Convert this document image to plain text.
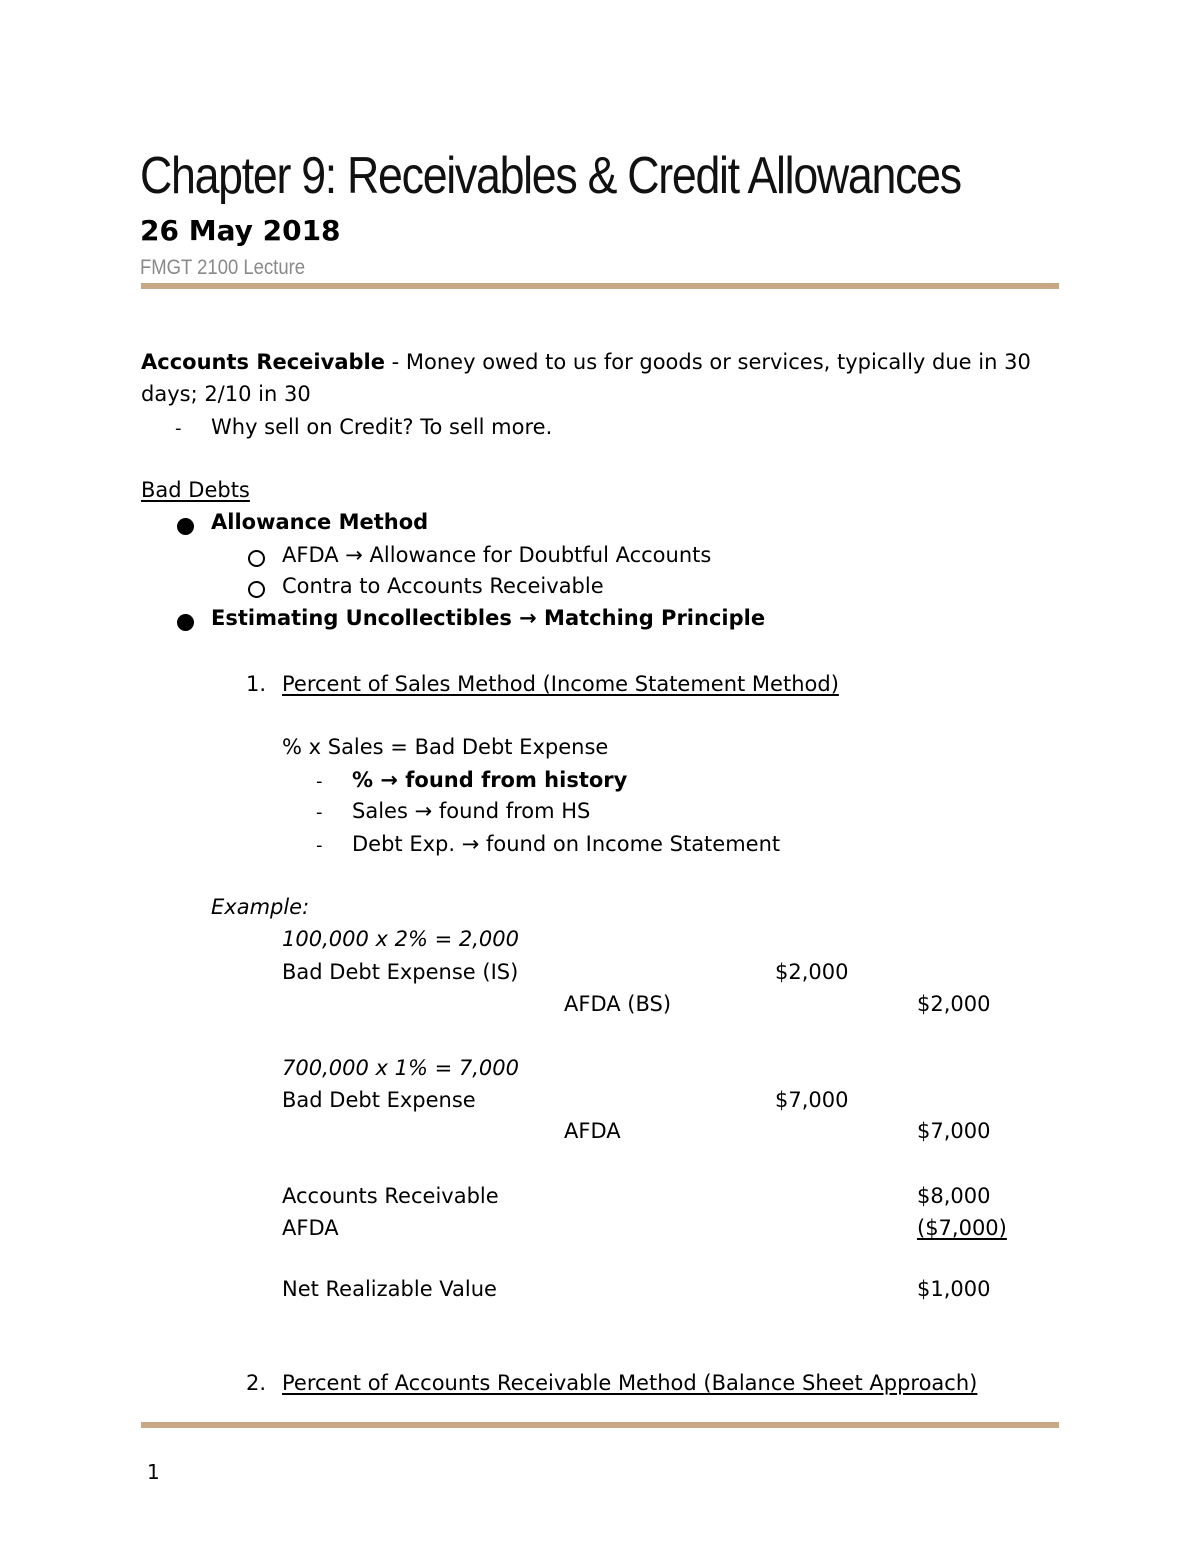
Chapter 9: Receivables & Credit Allowances
26 May 2018
FMGT 2100 Lecture
Accounts Receivable - Money owed to us for goods or services, typically due in 30
days; 2/10 in 30
- Why sell on Credit? To sell more.
Bad Debts
Allowance Method
AFDA → Allowance for Doubtful Accounts
Contra to Accounts Receivable
Estimating Uncollectibles → Matching Principle
1. Percent of Sales Method (Income Statement Method)
% x Sales = Bad Debt Expense
- % → found from history
- Sales → found from HS
- Debt Exp. → found on Income Statement
Example:
100,000 x 2% = 2,000
Bad Debt Expense (IS)	$2,000
AFDA (BS)	$2,000
700,000 x 1% = 7,000
Bad Debt Expense	$7,000
AFDA	$7,000
Accounts Receivable	$8,000
AFDA	($7,000)
Net Realizable Value	$1,000
2. Percent of Accounts Receivable Method (Balance Sheet Approach)
1
